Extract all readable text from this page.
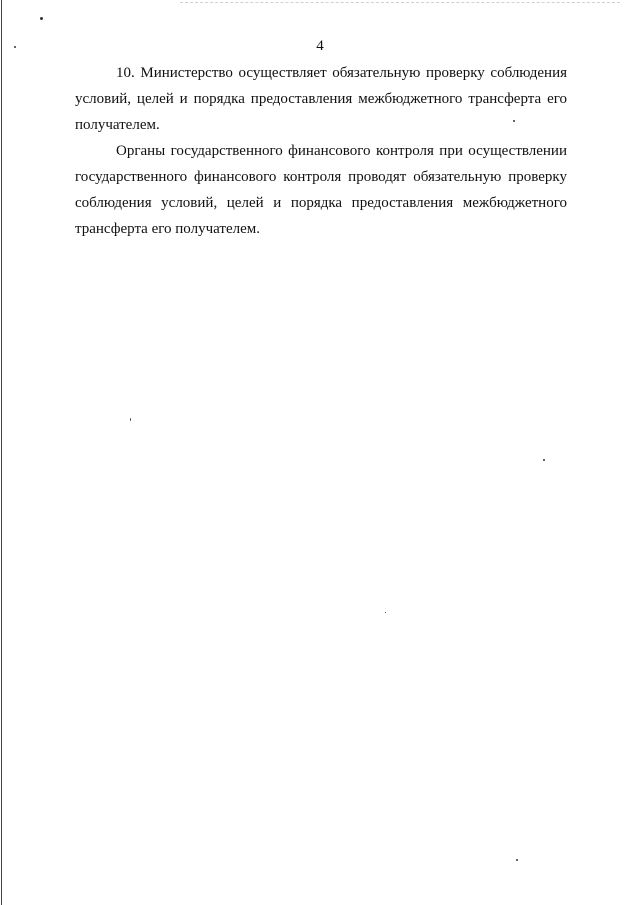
4

10. Министерство осуществляет обязательную проверку соблюдения условий, целей и порядка предоставления межбюджетного трансферта его получателем.

Органы государственного финансового контроля при осуществлении государственного финансового контроля проводят обязательную проверку соблюдения условий, целей и порядка предоставления межбюджетного трансферта его получателем.
